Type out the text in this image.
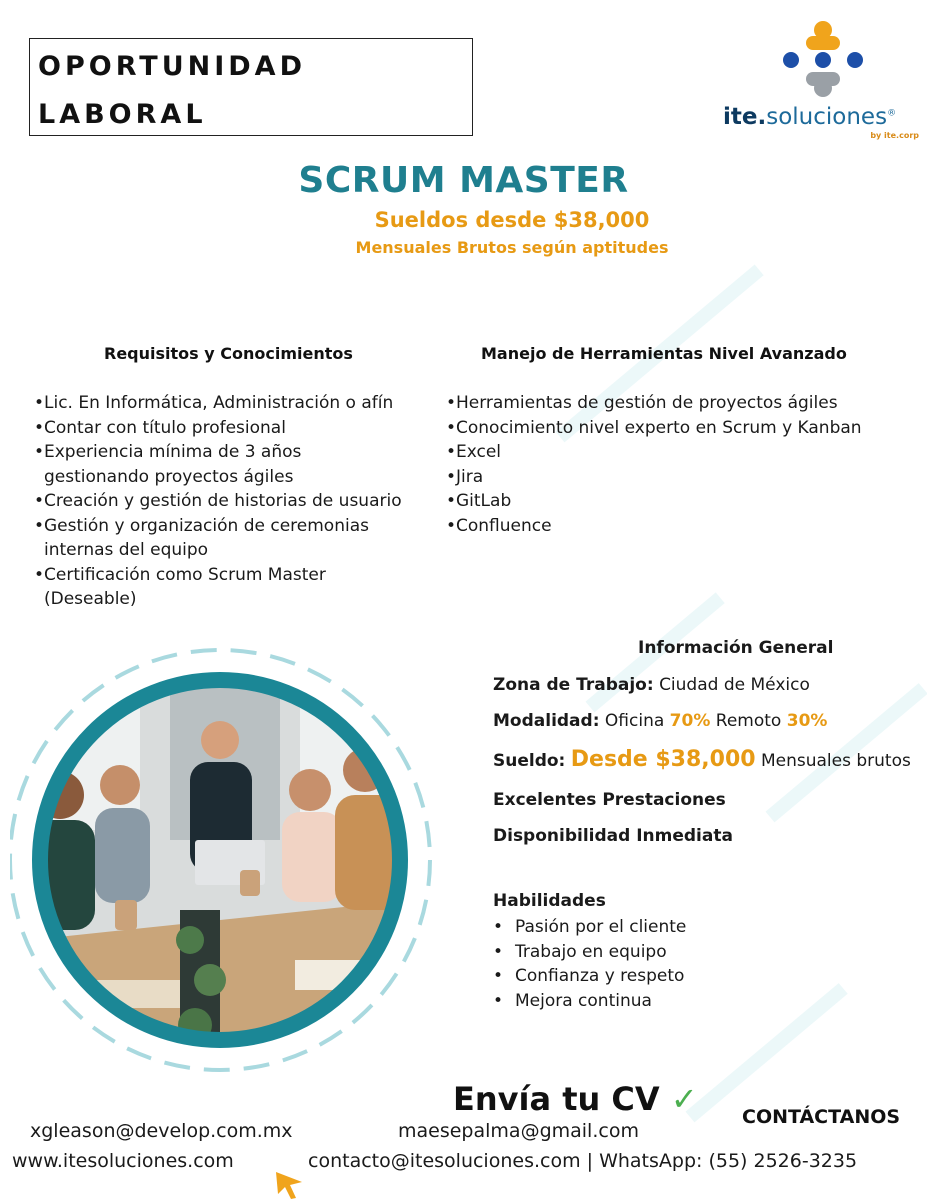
OPORTUNIDAD
LABORAL	ite.soluciones®
by ite.corp
SCRUM MASTER
Sueldos desde $38,000
Mensuales Brutos según aptitudes
Requisitos y Conocimientos
• Lic. En Informática, Administración o afín
• Contar con título profesional
• Experiencia mínima de 3 años gestionando proyectos ágiles
• Creación y gestión de historias de usuario
• Gestión y organización de ceremonias internas del equipo
• Certificación como Scrum Master (Deseable)
Manejo de Herramientas Nivel Avanzado
• Herramientas de gestión de proyectos ágiles
• Conocimiento nivel experto en Scrum y Kanban
• Excel
• Jira
• GitLab
• Confluence
Información General
Zona de Trabajo: Ciudad de México
Modalidad: Oficina 70% Remoto 30%
Sueldo: Desde $38,000 Mensuales brutos
Excelentes Prestaciones
Disponibilidad Inmediata
Habilidades
• Pasión por el cliente
• Trabajo en equipo
• Confianza y respeto
• Mejora continua
Envía tu CV ✓ CONTÁCTANOS
xgleason@develop.com.mx	maesepalma@gmail.com
www.itesoluciones.com	contacto@itesoluciones.com | WhatsApp: (55) 2526-3235
